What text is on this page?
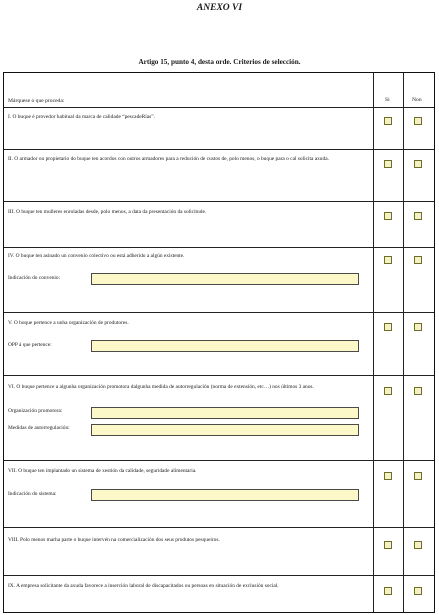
ANEXO VI
Artigo 15, punto 4, desta orde. Criterios de selección.
Márquese o que proceda:	Si	Non
I. O buque é provedor habitual da marca de calidade “pescadeRías”.
II. O armador ou propietario do buque ten acordos con outros armadores para a redución de custos de, polo menos, o buque para o cal solicita axuda.
III. O buque ten mulleres enroladas desde, polo menos, a data da presentación da solicitude.
IV. O buque ten asinado un convenio colectivo ou está adherido a algún existente.
Indicación do convenio:
V. O buque pertence a unha organización de produtores.
OPP á que pertence:
VI. O buque pertence a algunha organización promotora dalgunha medida de autorregulación (norma de extensión, etc…) nos últimos 3 anos.
Organización promotora:
Medidas de autorregulación:
VII. O buque ten implantado un sistema de xestión da calidade, seguridade alimentaria.
Indicación do sistema:
VIII. Polo menos marha parte o buque intervén na comercialización dos seus produtos pesqueiros.
IX. A empresa solicitante da axuda favorece a inserción laboral de discapacitados ou persoas en situación de exclusión social.
